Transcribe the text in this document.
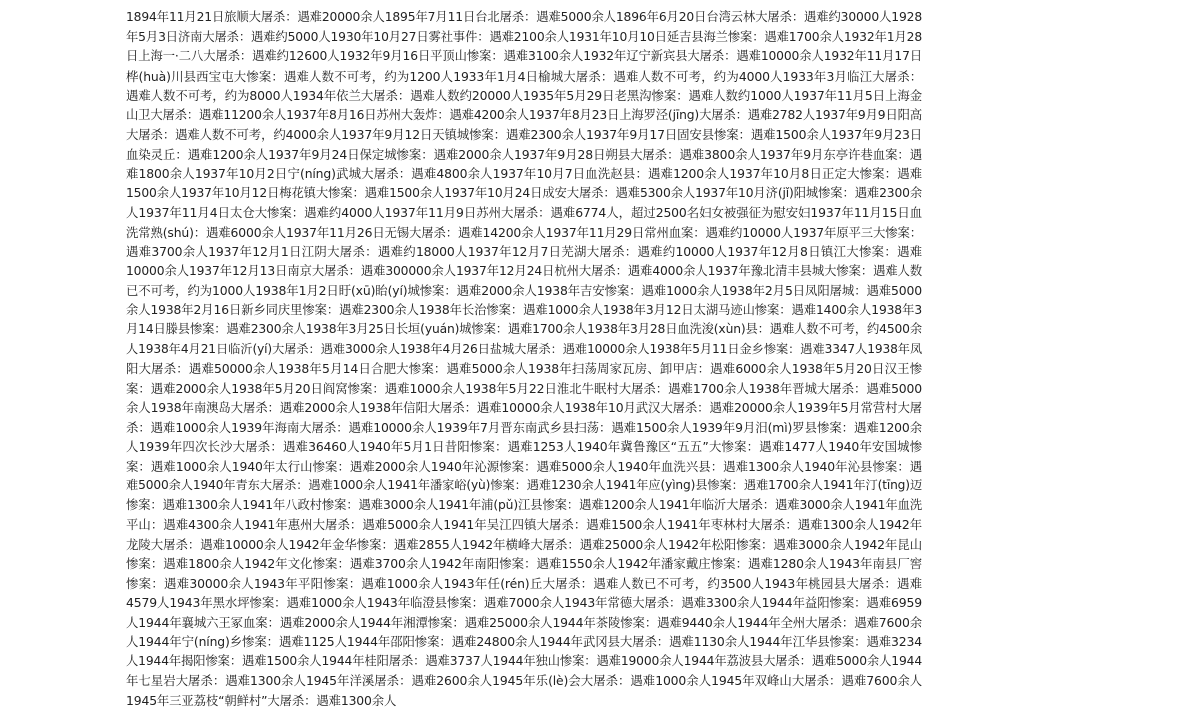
1894年11月21日旅顺大屠杀：遇难20000余人1895年7月11日台北屠杀：遇难5000余人1896年6月20日台湾云林大屠杀：遇难约30000人1928
年5月3日济南大屠杀：遇难约5000人1930年10月27日雾社事件：遇难2100余人1931年10月10日延吉县海兰惨案：遇难1700余人1932年1月28
日上海一·二八大屠杀：遇难约12600人1932年9月16日平顶山惨案：遇难3100余人1932年辽宁新宾县大屠杀：遇难10000余人1932年11月17日
桦(huà)川县西宝屯大惨案：遇难人数不可考，约为1200人1933年1月4日榆城大屠杀：遇难人数不可考，约为4000人1933年3月临江大屠杀：
遇难人数不可考，约为8000人1934年依兰大屠杀：遇难人数约20000人1935年5月29日老黑沟惨案：遇难人数约1000人1937年11月5日上海金
山卫大屠杀：遇难11200余人1937年8月16日苏州大轰炸：遇难4200余人1937年8月23日上海罗泾(jīng)大屠杀：遇难2782人1937年9月9日阳高
大屠杀：遇难人数不可考，约4000余人1937年9月12日天镇城惨案：遇难2300余人1937年9月17日固安县惨案：遇难1500余人1937年9月23日
血染灵丘：遇难1200余人1937年9月24日保定城惨案：遇难2000余人1937年9月28日朔县大屠杀：遇难3800余人1937年9月东亭许巷血案：遇
难1800余人1937年10月2日宁(níng)武城大屠杀：遇难4800余人1937年10月7日血洗赵县：遇难1200余人1937年10月8日正定大惨案：遇难
1500余人1937年10月12日梅花镇大惨案：遇难1500余人1937年10月24日成安大屠杀：遇难5300余人1937年10月济(jǐ)阳城惨案：遇难2300余
人1937年11月4日太仓大惨案：遇难约4000人1937年11月9日苏州大屠杀：遇难6774人，超过2500名妇女被强征为慰安妇1937年11月15日血
洗常熟(shú)：遇难6000余人1937年11月26日无锡大屠杀：遇难14200余人1937年11月29日常州血案：遇难约10000人1937年原平三大惨案：
遇难3700余人1937年12月1日江阴大屠杀：遇难约18000人1937年12月7日芜湖大屠杀：遇难约10000人1937年12月8日镇江大惨案：遇难
10000余人1937年12月13日南京大屠杀：遇难300000余人1937年12月24日杭州大屠杀：遇难4000余人1937年豫北清丰县城大惨案：遇难人数
已不可考，约为1000人1938年1月2日盱(xū)眙(yí)城惨案：遇难2000余人1938年吉安惨案：遇难1000余人1938年2月5日凤阳屠城：遇难5000
余人1938年2月16日新乡同庆里惨案：遇难2300余人1938年长治惨案：遇难1000余人1938年3月12日太湖马迹山惨案：遇难1400余人1938年3
月14日滕县惨案：遇难2300余人1938年3月25日长垣(yuán)城惨案：遇难1700余人1938年3月28日血洗浚(xùn)县：遇难人数不可考，约4500余
人1938年4月21日临沂(yí)大屠杀：遇难3000余人1938年4月26日盐城大屠杀：遇难10000余人1938年5月11日金乡惨案：遇难3347人1938年凤
阳大屠杀：遇难50000余人1938年5月14日合肥大惨案：遇难5000余人1938年扫荡周家瓦房、卸甲店：遇难6000余人1938年5月20日汉王惨
案：遇难2000余人1938年5月20日阎窝惨案：遇难1000余人1938年5月22日淮北牛眠村大屠杀：遇难1700余人1938年晋城大屠杀：遇难5000
余人1938年南澳岛大屠杀：遇难2000余人1938年信阳大屠杀：遇难10000余人1938年10月武汉大屠杀：遇难20000余人1939年5月常营村大屠
杀：遇难1000余人1939年海南大屠杀：遇难10000余人1939年7月晋东南武乡县扫荡：遇难1500余人1939年9月汨(mì)罗县惨案：遇难1200余
人1939年四次长沙大屠杀：遇难36460人1940年5月1日昔阳惨案：遇难1253人1940年冀鲁豫区“五五”大惨案：遇难1477人1940年安国城惨
案：遇难1000余人1940年太行山惨案：遇难2000余人1940年沁源惨案：遇难5000余人1940年血洗兴县：遇难1300余人1940年沁县惨案：遇
难5000余人1940年青东大屠杀：遇难1000余人1941年潘家峪(yù)惨案：遇难1230余人1941年应(yìng)县惨案：遇难1700余人1941年汀(tīng)迈
惨案：遇难1300余人1941年八政村惨案：遇难3000余人1941年浦(pǔ)江县惨案：遇难1200余人1941年临沂大屠杀：遇难3000余人1941年血洗
平山：遇难4300余人1941年惠州大屠杀：遇难5000余人1941年吴江四镇大屠杀：遇难1500余人1941年枣林村大屠杀：遇难1300余人1942年
龙陵大屠杀：遇难10000余人1942年金华惨案：遇难2855人1942年横峰大屠杀：遇难25000余人1942年松阳惨案：遇难3000余人1942年昆山
惨案：遇难1800余人1942年文化惨案：遇难3700余人1942年南阳惨案：遇难1550余人1942年潘家戴庄惨案：遇难1280余人1943年南县厂窖
惨案：遇难30000余人1943年平阳惨案：遇难1000余人1943年任(rén)丘大屠杀：遇难人数已不可考，约3500人1943年桃园县大屠杀：遇难
4579人1943年黑水坪惨案：遇难1000余人1943年临澄县惨案：遇难7000余人1943年常德大屠杀：遇难3300余人1944年益阳惨案：遇难6959
人1944年襄城六王冢血案：遇难2000余人1944年湘潭惨案：遇难25000余人1944年茶陵惨案：遇难9440余人1944年全州大屠杀：遇难7600余
人1944年宁(níng)乡惨案：遇难1125人1944年邵阳惨案：遇难24800余人1944年武冈县大屠杀：遇难1130余人1944年江华县惨案：遇难3234
人1944年揭阳惨案：遇难1500余人1944年桂阳屠杀：遇难3737人1944年独山惨案：遇难19000余人1944年荔波县大屠杀：遇难5000余人1944
年七星岩大屠杀：遇难1300余人1945年洋溪屠杀：遇难2600余人1945年乐(lè)会大屠杀：遇难1000余人1945年双峰山大屠杀：遇难7600余人
1945年三亚荔枝“朝鲜村”大屠杀：遇难1300余人
